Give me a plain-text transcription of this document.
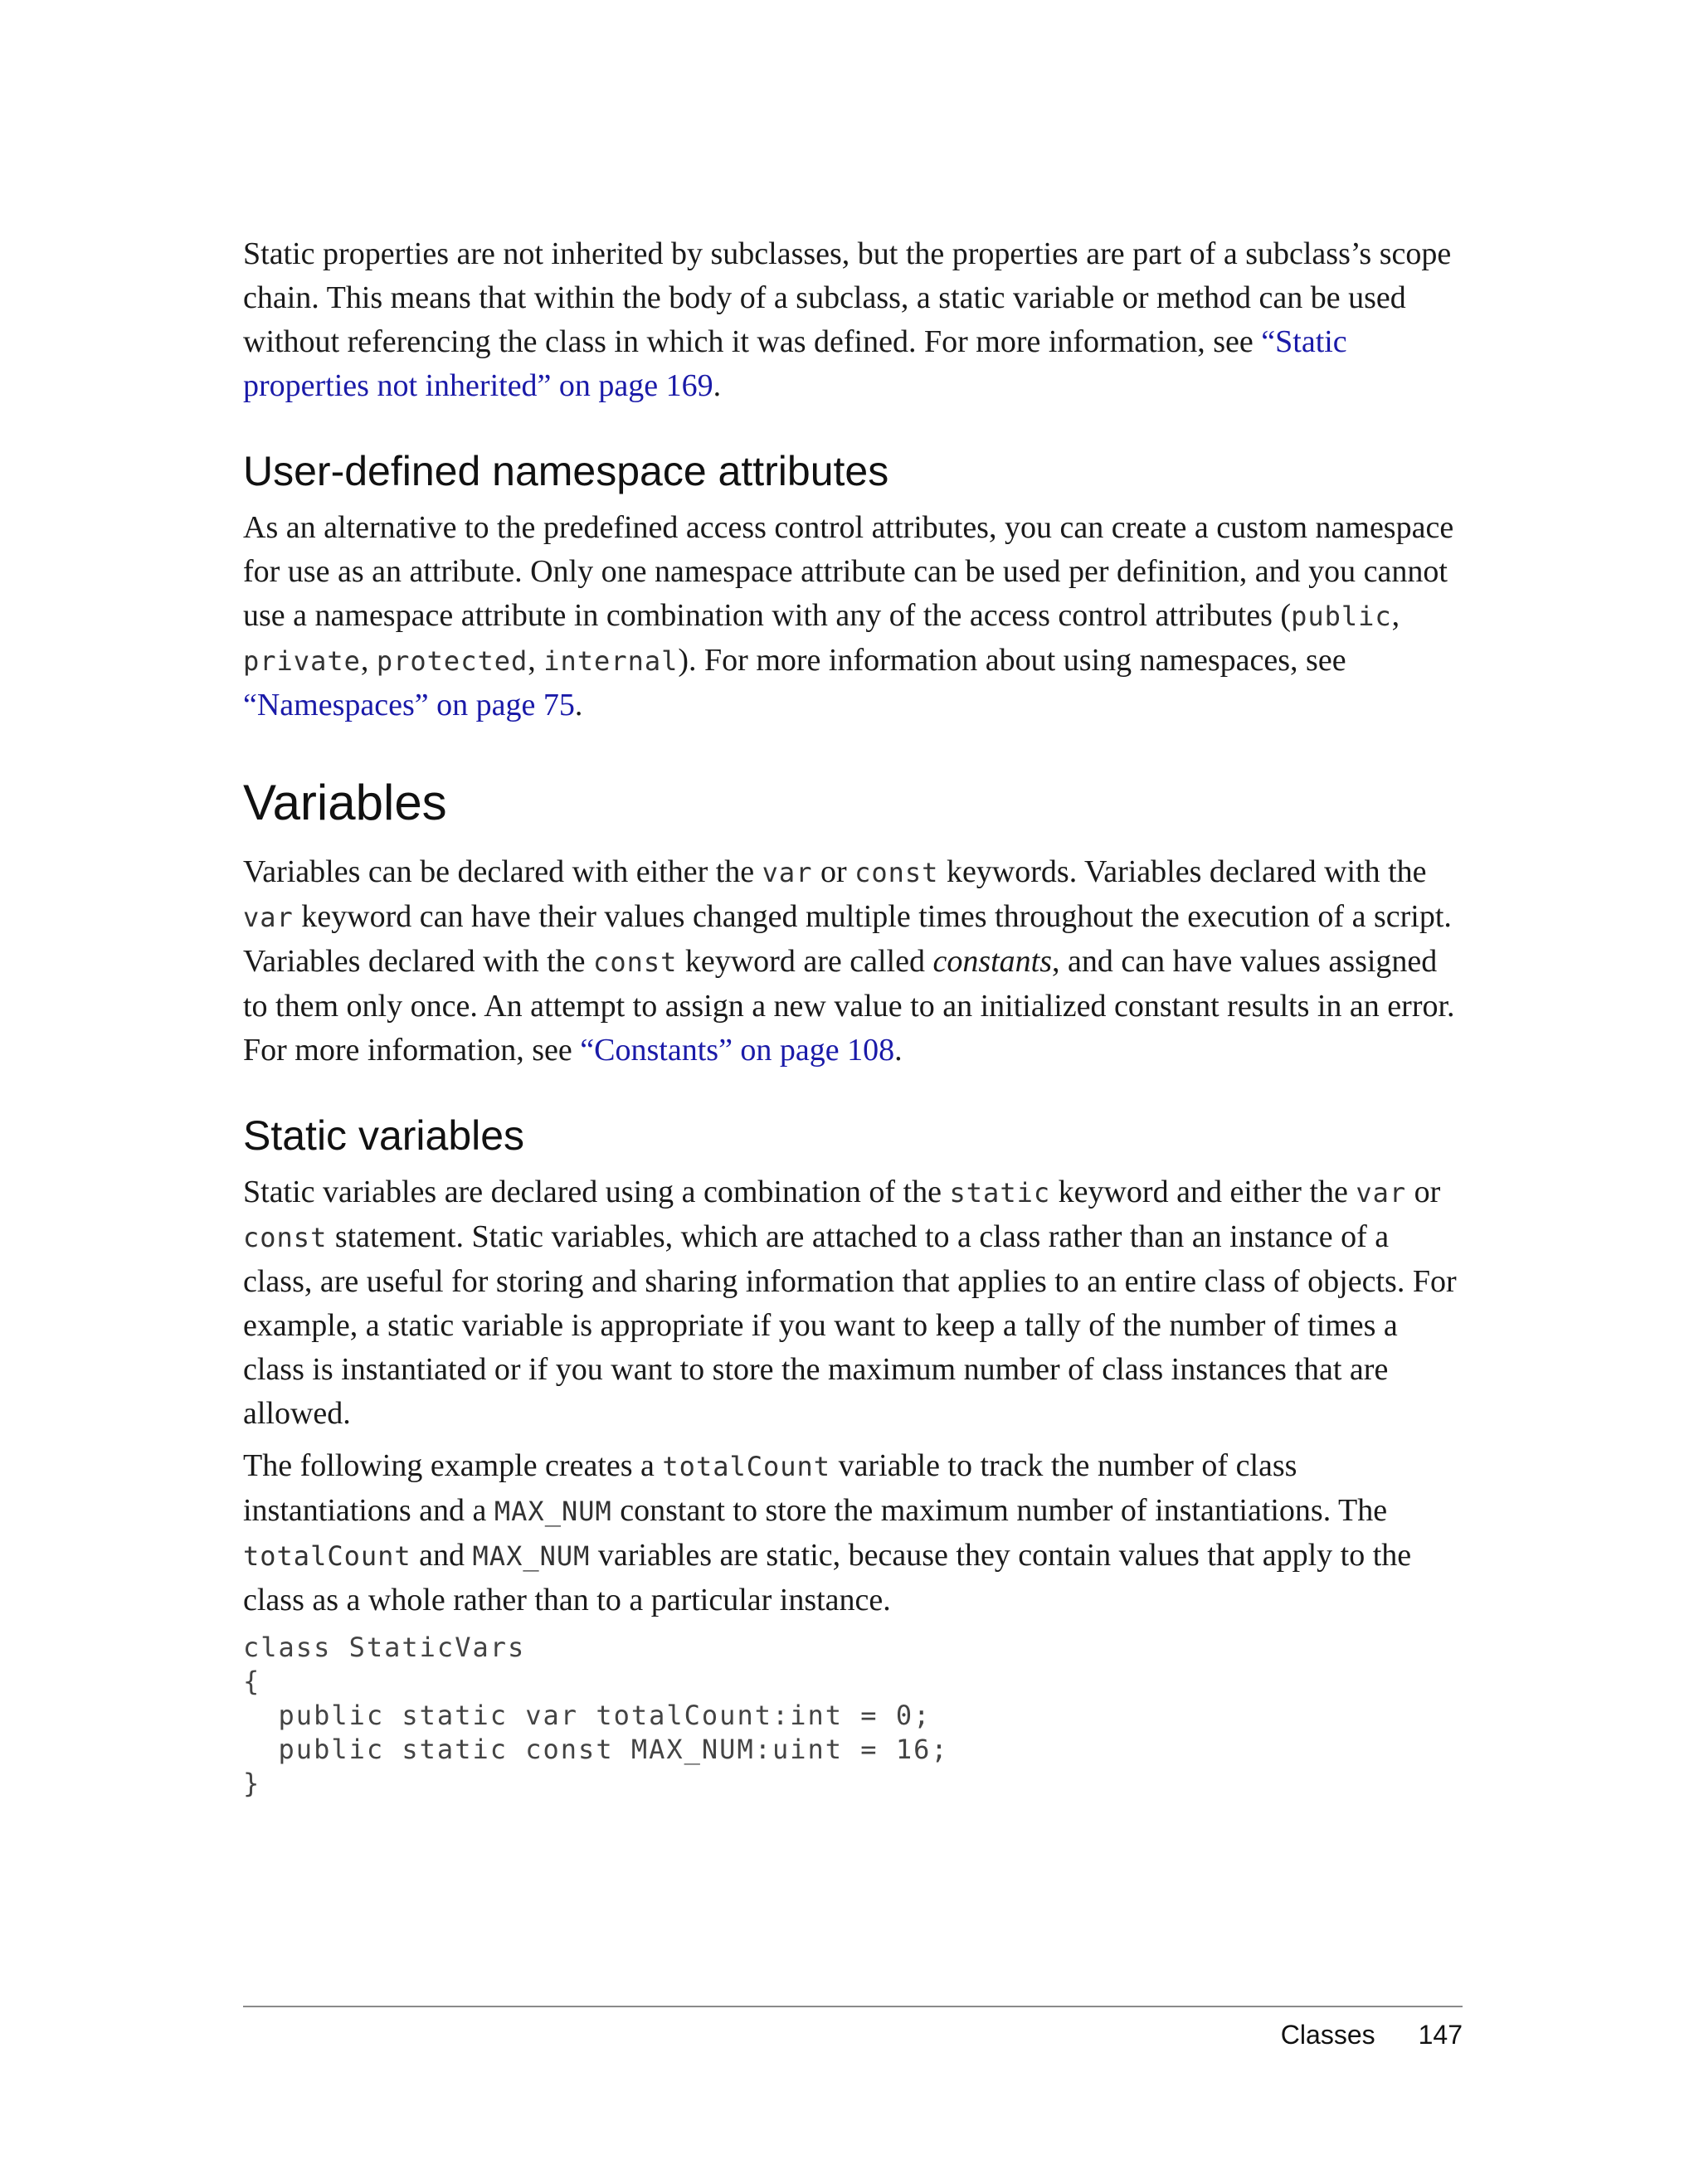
Static properties are not inherited by subclasses, but the properties are part of a subclass’s scope chain. This means that within the body of a subclass, a static variable or method can be used without referencing the class in which it was defined. For more information, see “Static properties not inherited” on page 169.

User-defined namespace attributes

As an alternative to the predefined access control attributes, you can create a custom namespace for use as an attribute. Only one namespace attribute can be used per definition, and you cannot use a namespace attribute in combination with any of the access control attributes (public, private, protected, internal). For more information about using namespaces, see “Namespaces” on page 75.

Variables

Variables can be declared with either the var or const keywords. Variables declared with the var keyword can have their values changed multiple times throughout the execution of a script. Variables declared with the const keyword are called constants, and can have values assigned to them only once. An attempt to assign a new value to an initialized constant results in an error. For more information, see “Constants” on page 108.

Static variables

Static variables are declared using a combination of the static keyword and either the var or const statement. Static variables, which are attached to a class rather than an instance of a class, are useful for storing and sharing information that applies to an entire class of objects. For example, a static variable is appropriate if you want to keep a tally of the number of times a class is instantiated or if you want to store the maximum number of class instances that are allowed.

The following example creates a totalCount variable to track the number of class instantiations and a MAX_NUM constant to store the maximum number of instantiations. The totalCount and MAX_NUM variables are static, because they contain values that apply to the class as a whole rather than to a particular instance.

class StaticVars
{
public static var totalCount:int = 0;
public static const MAX_NUM:uint = 16;
}
Classes 147
